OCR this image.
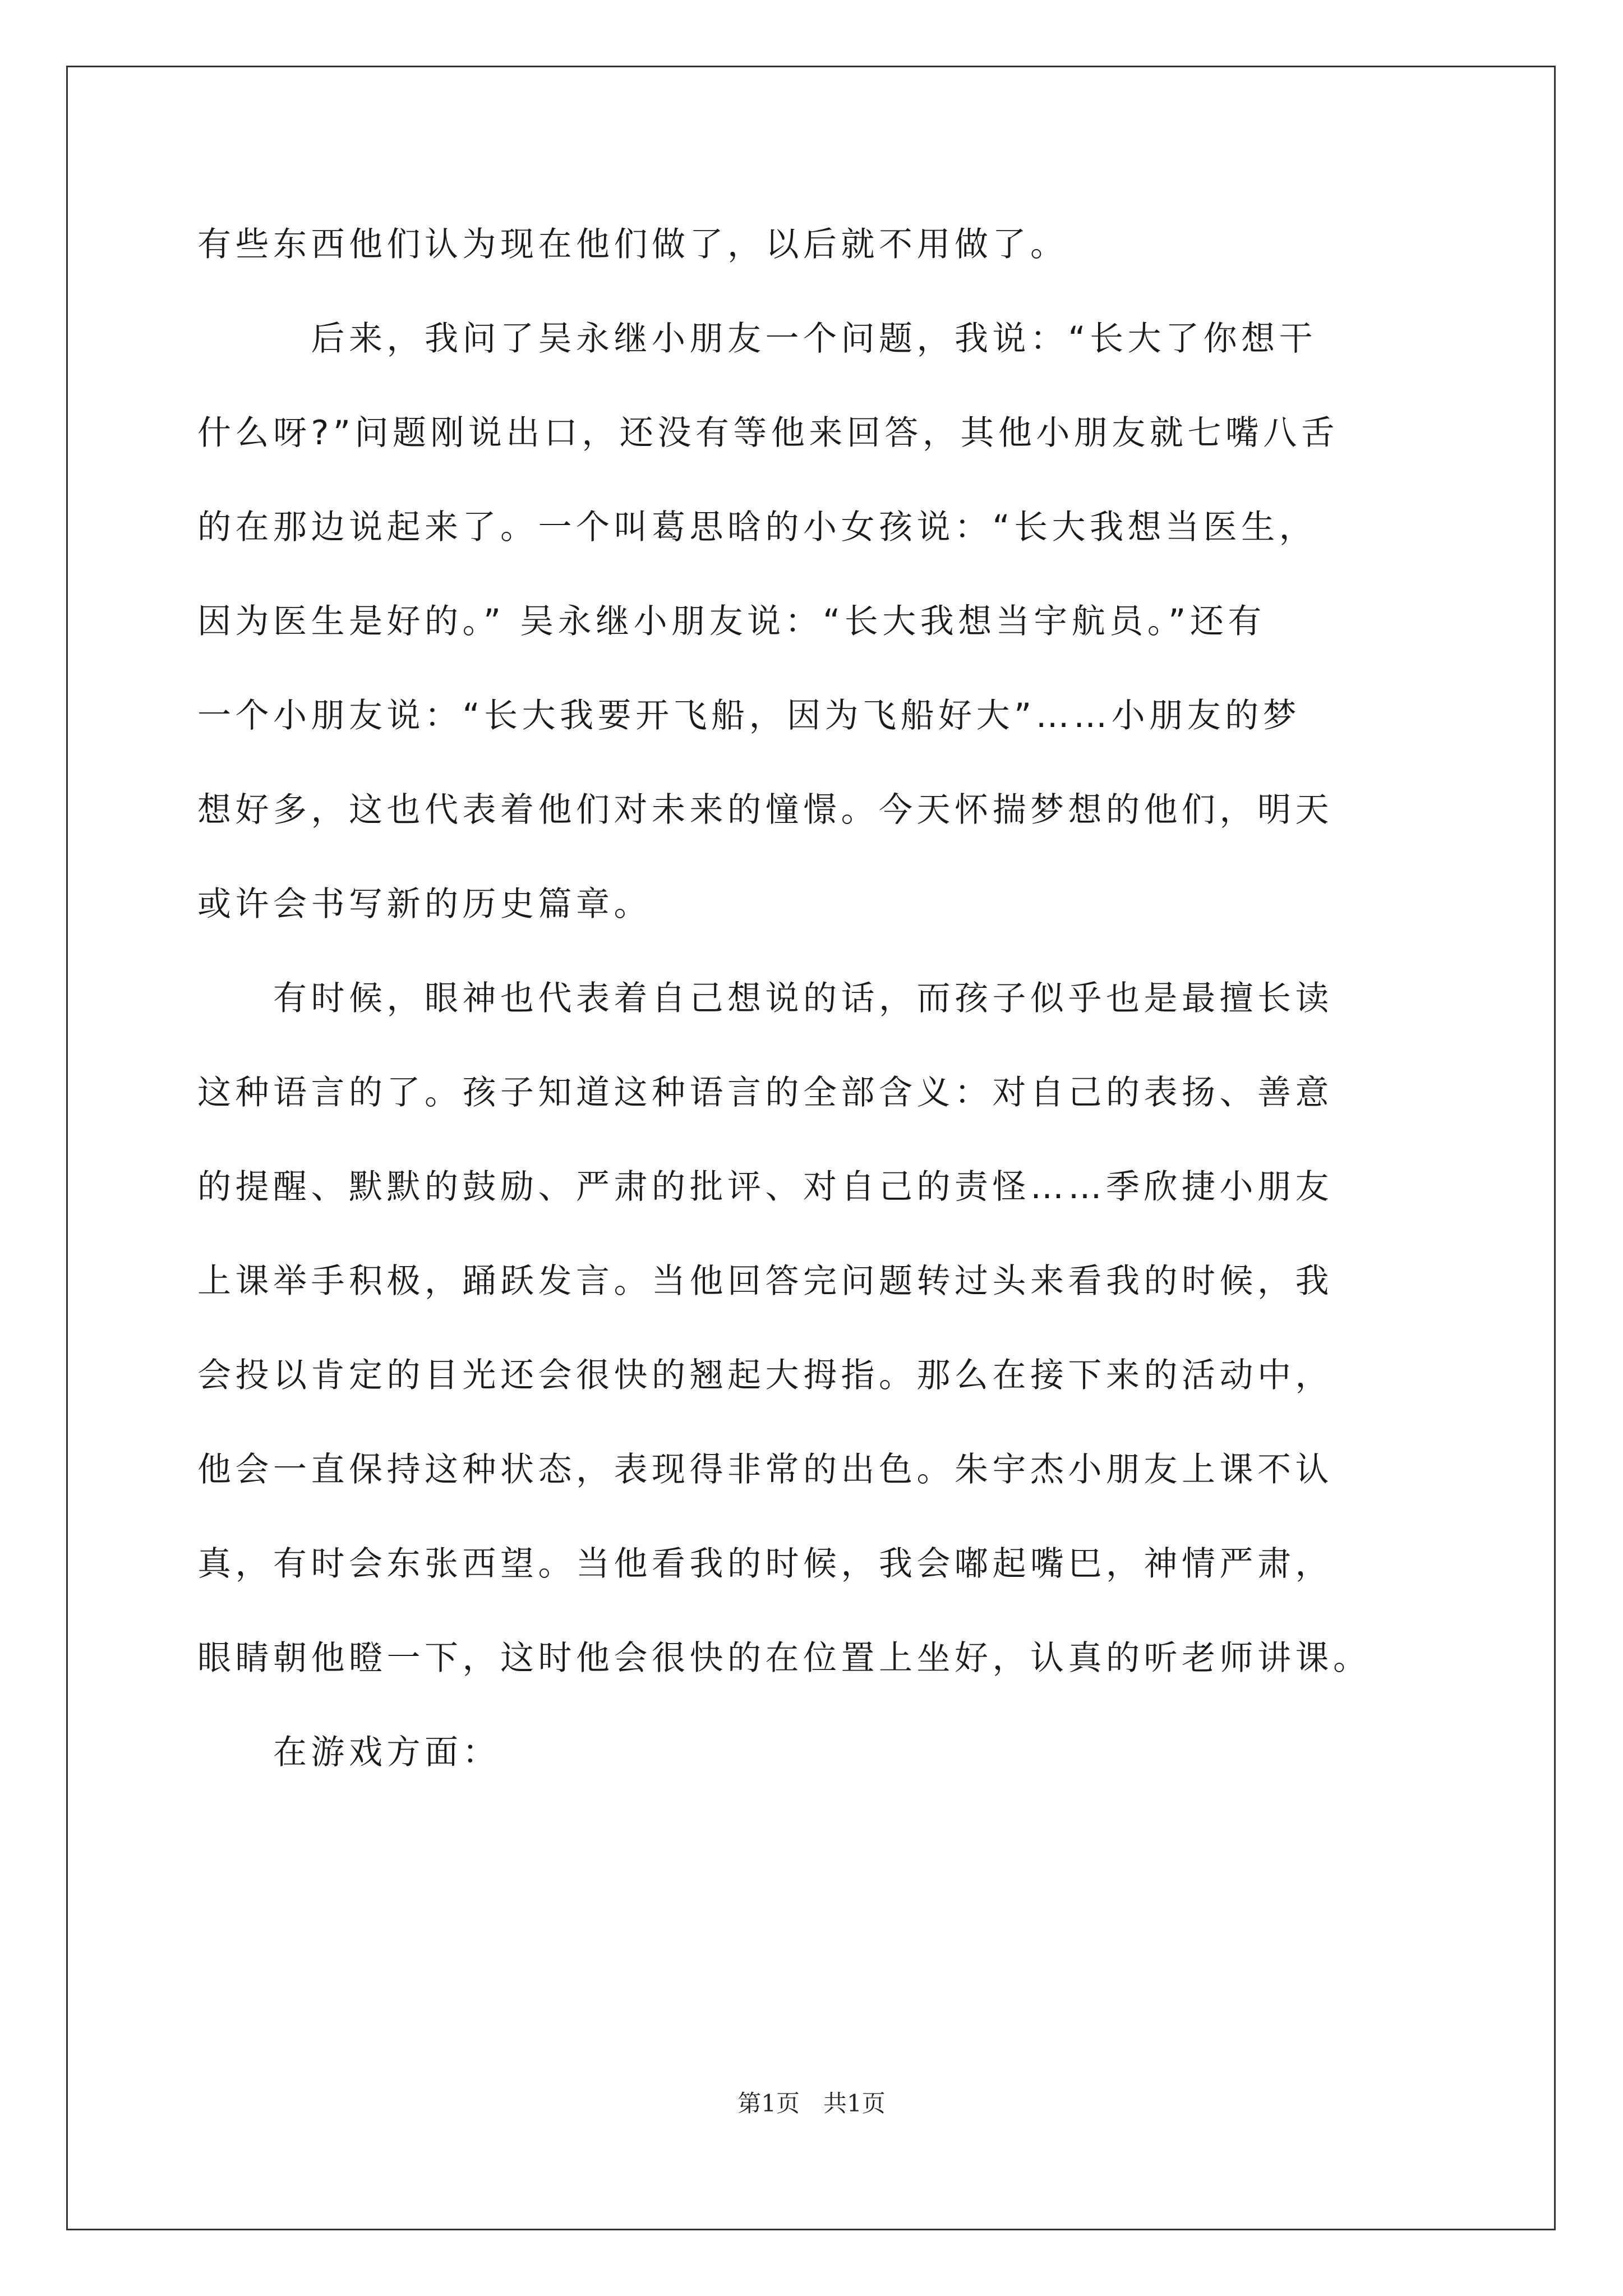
有些东西他们认为现在他们做了，以后就不用做了。
　　　后来，我问了吴永继小朋友一个问题，我说：“长大了你想干
什么呀?”问题刚说出口，还没有等他来回答，其他小朋友就七嘴八舌
的在那边说起来了。一个叫葛思晗的小女孩说：“长大我想当医生，
因为医生是好的。” 吴永继小朋友说：“长大我想当宇航员。”还有
一个小朋友说：“长大我要开飞船，因为飞船好大”……小朋友的梦
想好多，这也代表着他们对未来的憧憬。今天怀揣梦想的他们，明天
或许会书写新的历史篇章。
　　有时候，眼神也代表着自己想说的话，而孩子似乎也是最擅长读
这种语言的了。孩子知道这种语言的全部含义：对自己的表扬、善意
的提醒、默默的鼓励、严肃的批评、对自己的责怪……季欣捷小朋友
上课举手积极，踊跃发言。当他回答完问题转过头来看我的时候，我
会投以肯定的目光还会很快的翘起大拇指。那么在接下来的活动中，
他会一直保持这种状态，表现得非常的出色。朱宇杰小朋友上课不认
真，有时会东张西望。当他看我的时候，我会嘟起嘴巴，神情严肃，
眼睛朝他瞪一下，这时他会很快的在位置上坐好，认真的听老师讲课。
　　在游戏方面：
第1页　共1页
